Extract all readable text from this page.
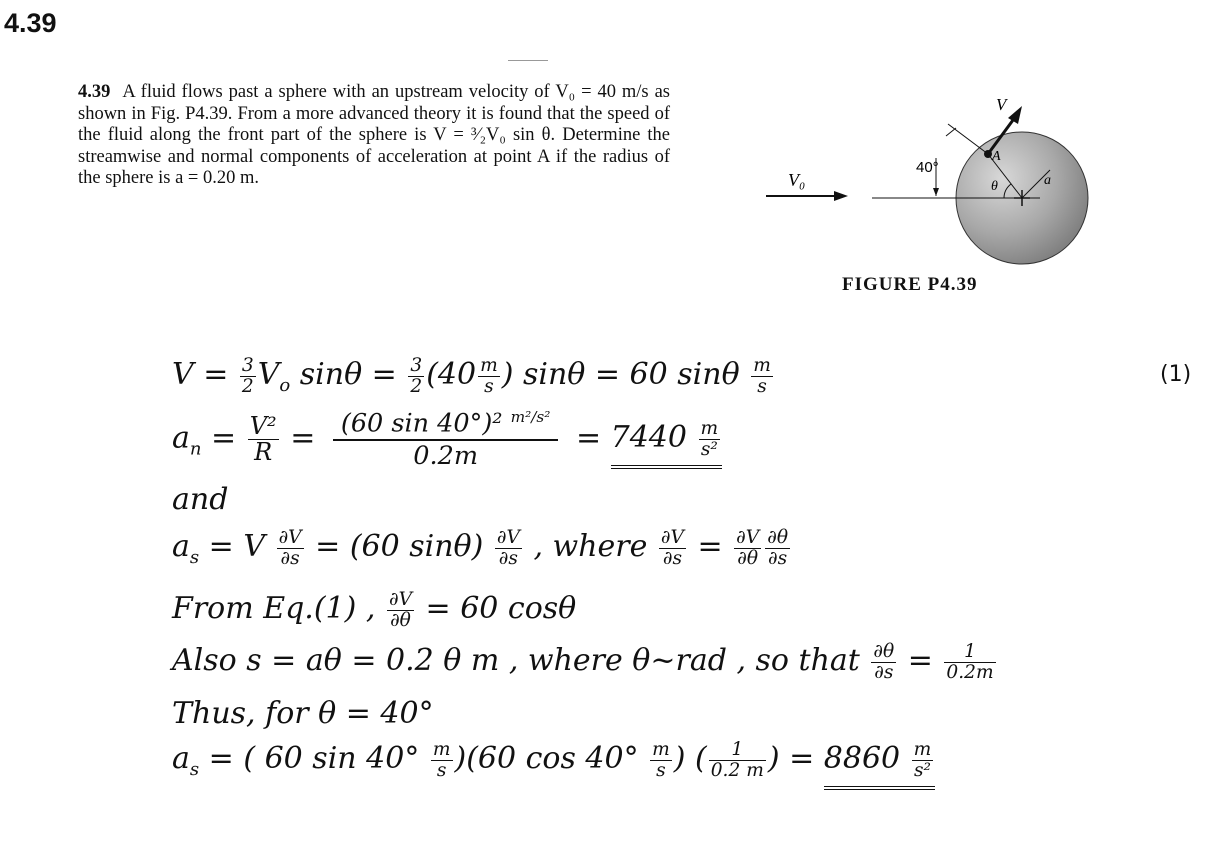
4.39
4.39 A fluid flows past a sphere with an upstream velocity of V₀ = 40 m/s as shown in Fig. P4.39. From a more advanced theory it is found that the speed of the fluid along the front part of the sphere is V = ³⁄₂V₀ sin θ. Determine the streamwise and normal components of acceleration at point A if the radius of the sphere is a = 0.20 m.	V₀
V
A
40°
θ	a
FIGURE P4.39
(1)
$V = \frac{3}{2} V_o$ $\sin\theta = \frac{3}{2} (40 \frac{m}{s}$ ) sinθ = 60 sinθ $\frac{m}{s}$
$a_n = \frac{\text{V²}}{R} = \frac{(60 \sin 40^\circ)^2 ^{m^2/s^2}}{0.2m} = 7440 \frac{m}{\text{s²}}$
and
$a_s = V \frac{\partial V}{\partial s} = (60$ $\sin\theta) \frac{\partial V}{\partial s}$ , where $\frac{\partial V}{\partial s} = \frac{\partial V}{\partial\theta} \frac{\partial\theta}{\partial s}$
From Eq.(1) , $\frac{\partial V}{\partial\theta} = 60$ cosθ
Also s = aθ = 0.2 θ m , where θ~rad , so that $\frac{\partial\theta}{\partial s} = \frac{1}{0.2m}$
Thus, for θ = 40°
$a_s$ = ( 60 $\sin 40^\circ \frac{m}{s} )(60$ $\cos 40^\circ \frac{m}{s}$ ) ( $\frac{1}{0.2 m}$ ) = $8860 \frac{m}{\text{s²}}$
